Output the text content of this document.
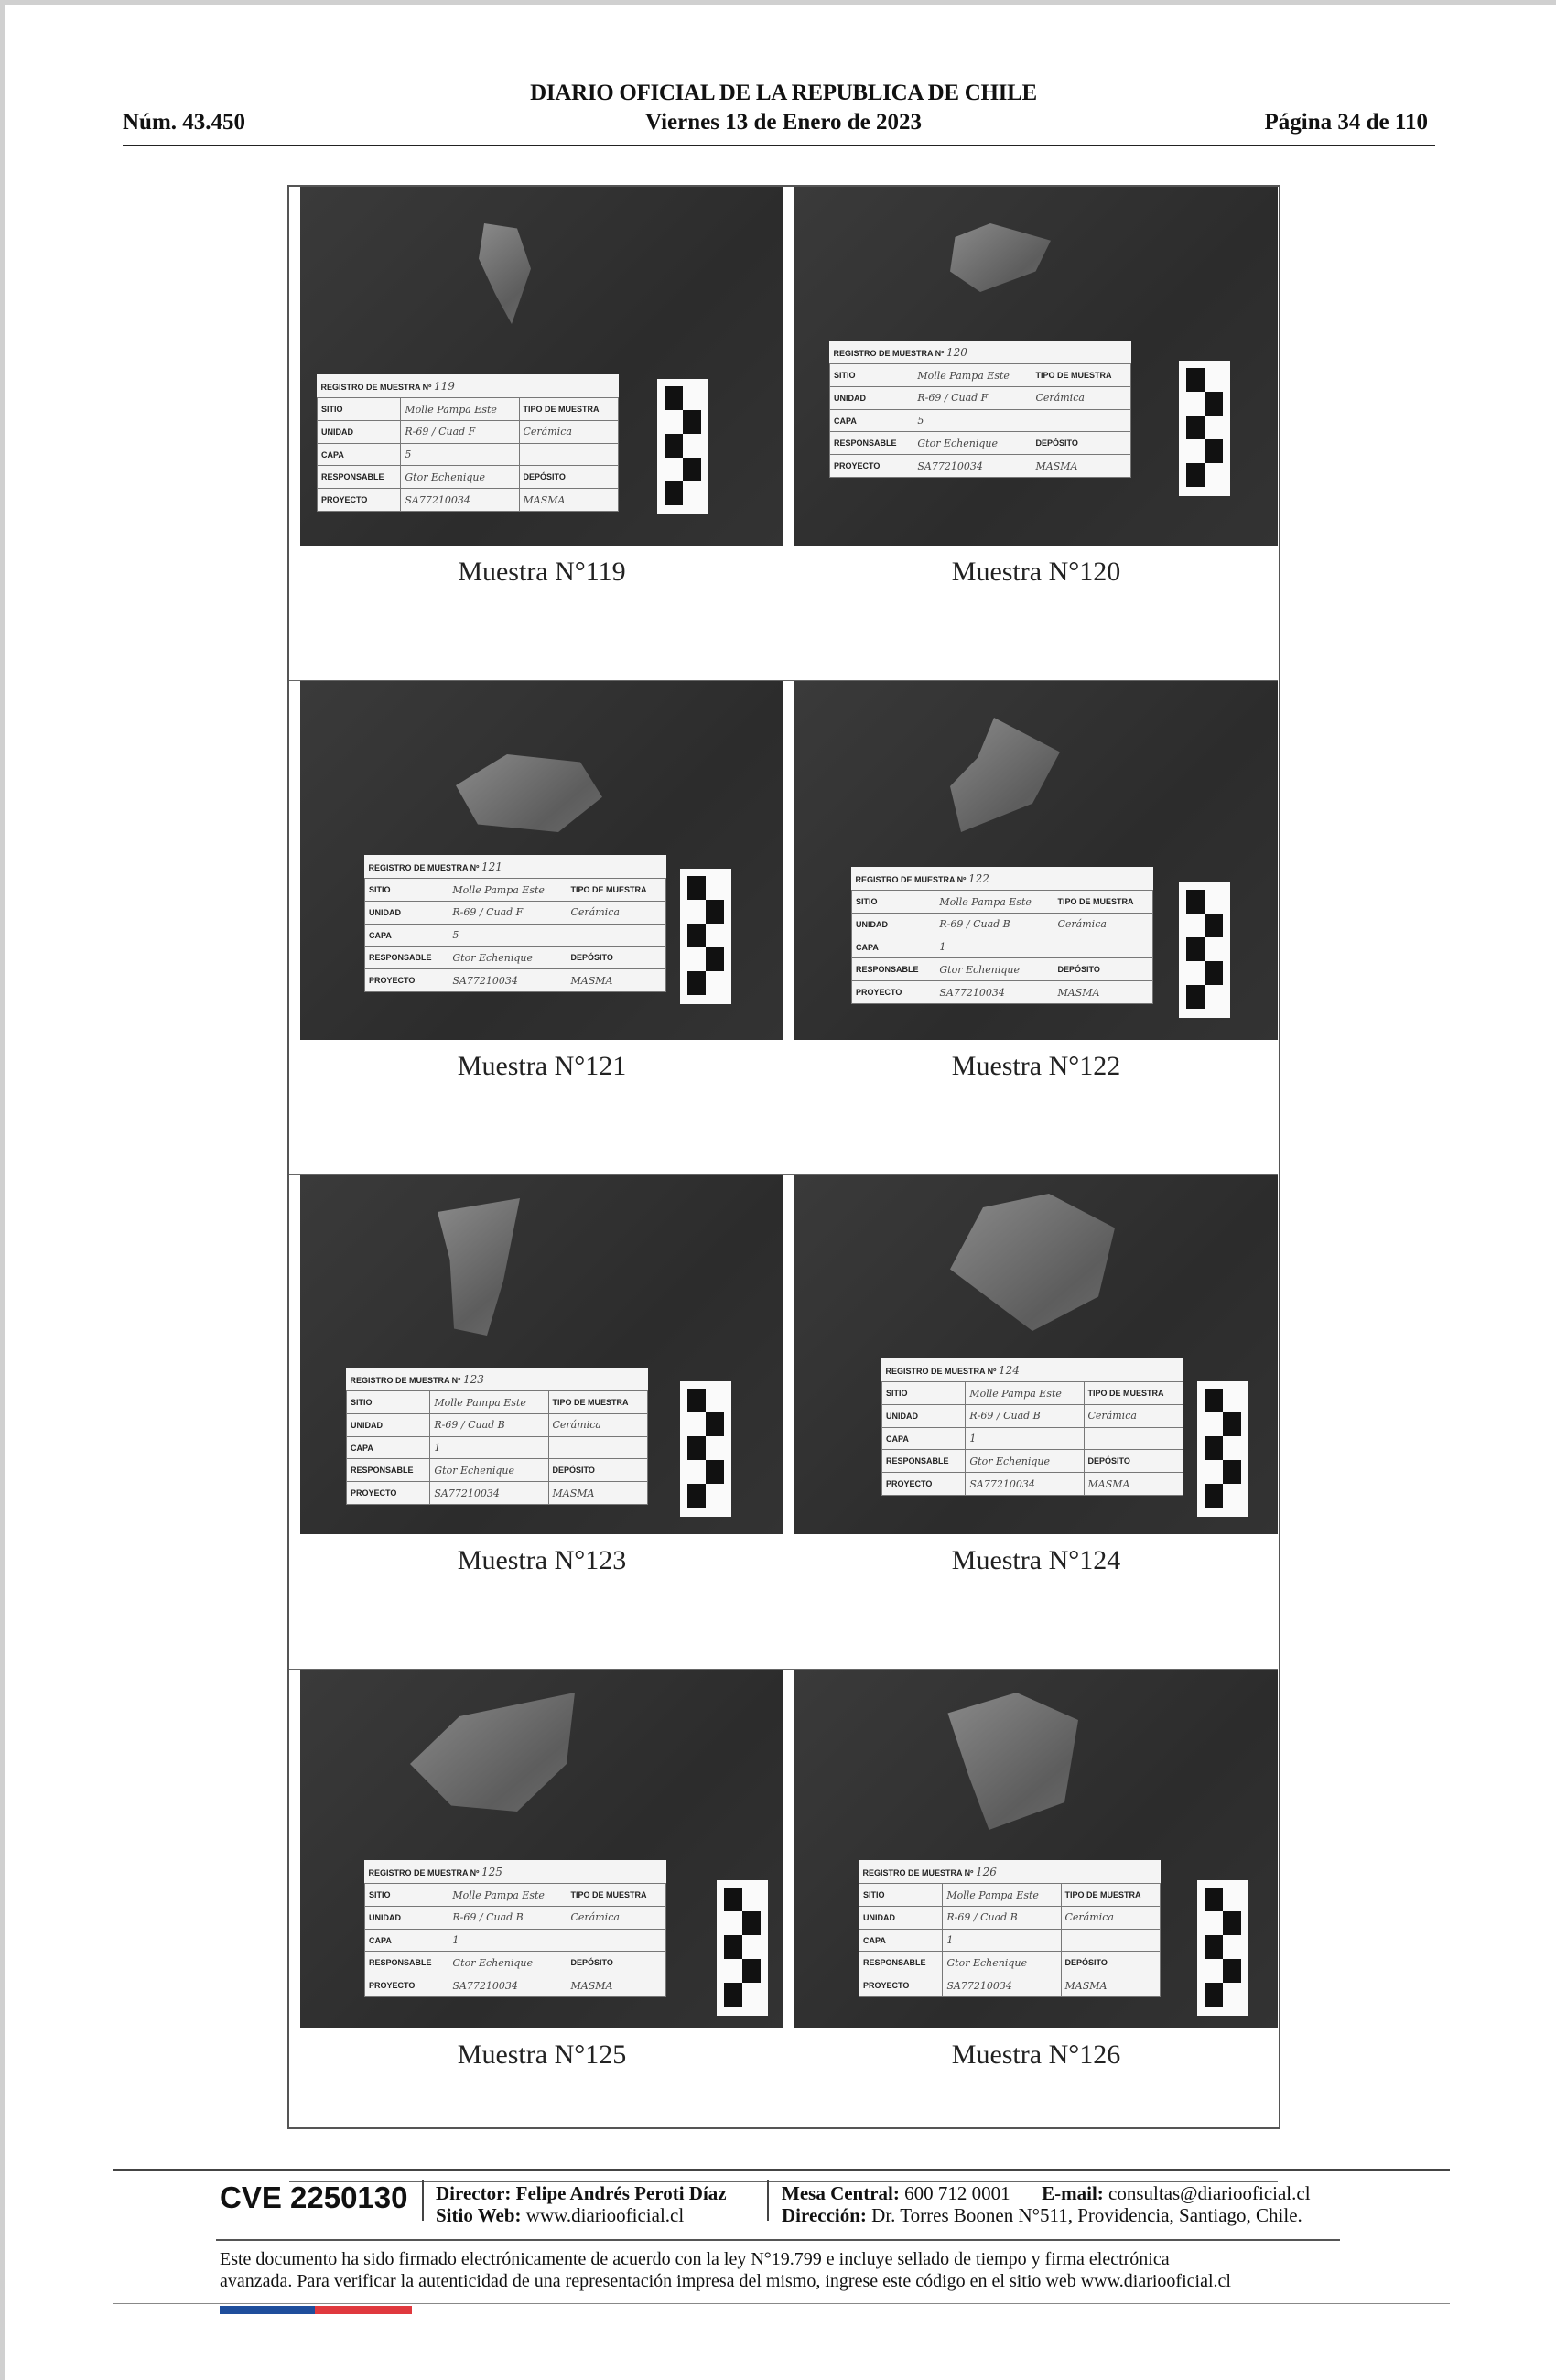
DIARIO OFICIAL DE LA REPUBLICA DE CHILE
Núm. 43.450	Viernes 13 de Enero de 2023	Página 34 de 110
REGISTRO DE MUESTRA Nº 119		
SITIO	Molle Pampa Este	TIPO DE MUESTRA
UNIDAD	R-69 / Cuad F	Cerámica
CAPA	5	
RESPONSABLE	Gtor Echenique	DEPÓSITO
PROYECTO	SA77210034	MASMA
Muestra N°119
REGISTRO DE MUESTRA Nº 120		
SITIO	Molle Pampa Este	TIPO DE MUESTRA
UNIDAD	R-69 / Cuad F	Cerámica
CAPA	5	
RESPONSABLE	Gtor Echenique	DEPÓSITO
PROYECTO	SA77210034	MASMA
Muestra N°120
REGISTRO DE MUESTRA Nº 121		
SITIO	Molle Pampa Este	TIPO DE MUESTRA
UNIDAD	R-69 / Cuad F	Cerámica
CAPA	5	
RESPONSABLE	Gtor Echenique	DEPÓSITO
PROYECTO	SA77210034	MASMA
Muestra N°121
REGISTRO DE MUESTRA Nº 122		
SITIO	Molle Pampa Este	TIPO DE MUESTRA
UNIDAD	R-69 / Cuad B	Cerámica
CAPA	1	
RESPONSABLE	Gtor Echenique	DEPÓSITO
PROYECTO	SA77210034	MASMA
Muestra N°122
REGISTRO DE MUESTRA Nº 123		
SITIO	Molle Pampa Este	TIPO DE MUESTRA
UNIDAD	R-69 / Cuad B	Cerámica
CAPA	1	
RESPONSABLE	Gtor Echenique	DEPÓSITO
PROYECTO	SA77210034	MASMA
Muestra N°123
REGISTRO DE MUESTRA Nº 124		
SITIO	Molle Pampa Este	TIPO DE MUESTRA
UNIDAD	R-69 / Cuad B	Cerámica
CAPA	1	
RESPONSABLE	Gtor Echenique	DEPÓSITO
PROYECTO	SA77210034	MASMA
Muestra N°124
REGISTRO DE MUESTRA Nº 125		
SITIO	Molle Pampa Este	TIPO DE MUESTRA
UNIDAD	R-69 / Cuad B	Cerámica
CAPA	1	
RESPONSABLE	Gtor Echenique	DEPÓSITO
PROYECTO	SA77210034	MASMA
Muestra N°125
REGISTRO DE MUESTRA Nº 126		
SITIO	Molle Pampa Este	TIPO DE MUESTRA
UNIDAD	R-69 / Cuad B	Cerámica
CAPA	1	
RESPONSABLE	Gtor Echenique	DEPÓSITO
PROYECTO	SA77210034	MASMA
Muestra N°126
CVE 2250130 Director: Felipe Andrés Peroti Díaz
Sitio Web: www.diariooficial.cl
Mesa Central: 600 712 0001 E-mail: consultas@diariooficial.cl
Dirección: Dr. Torres Boonen N°511, Providencia, Santiago, Chile.
Este documento ha sido firmado electrónicamente de acuerdo con la ley N°19.799 e incluye sellado de tiempo y firma electrónica
avanzada. Para verificar la autenticidad de una representación impresa del mismo, ingrese este código en el sitio web www.diariooficial.cl
